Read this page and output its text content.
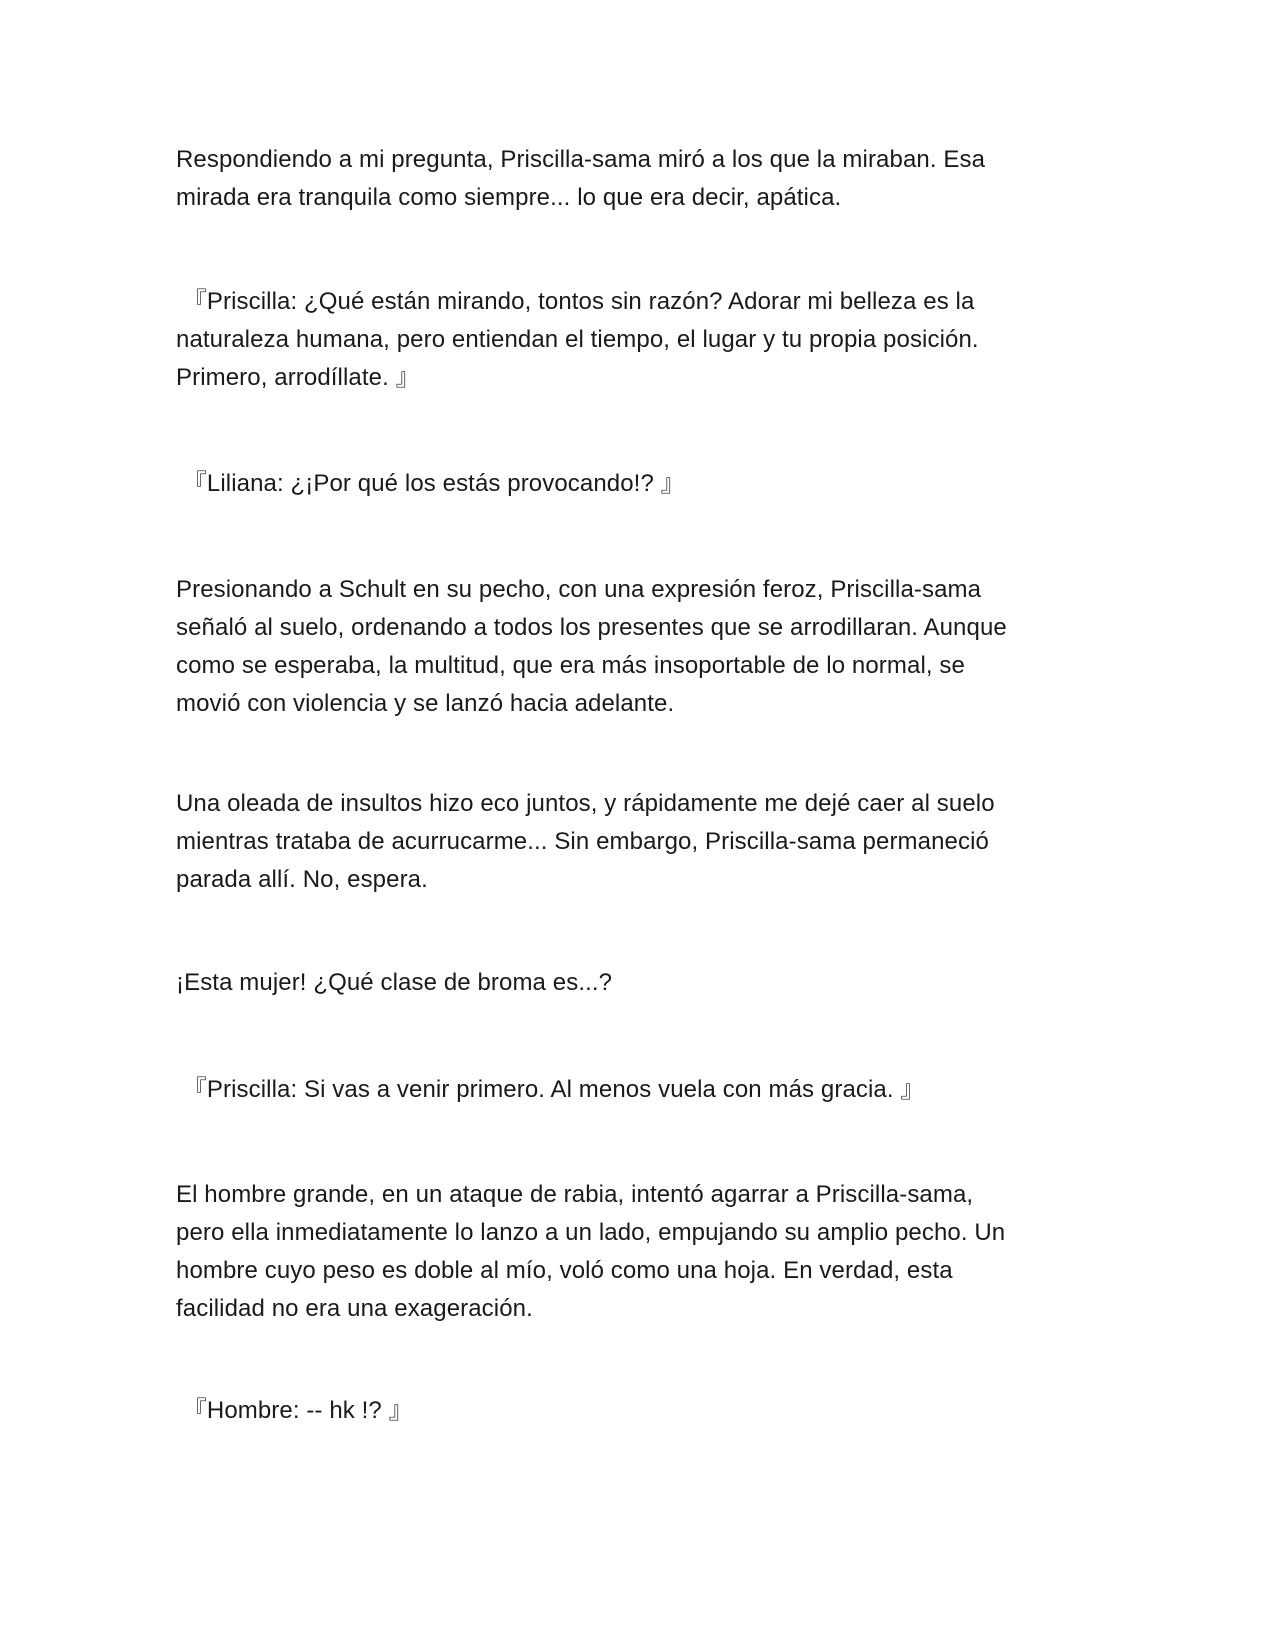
Respondiendo a mi pregunta, Priscilla-sama miró a los que la miraban. Esa
mirada era tranquila como siempre... lo que era decir, apática.

『Priscilla: ¿Qué están mirando, tontos sin razón? Adorar mi belleza es la
naturaleza humana, pero entiendan el tiempo, el lugar y tu propia posición.
Primero, arrodíllate. 』

『Liliana: ¿¡Por qué los estás provocando!? 』

Presionando a Schult en su pecho, con una expresión feroz, Priscilla-sama
señaló al suelo, ordenando a todos los presentes que se arrodillaran. Aunque
como se esperaba, la multitud, que era más insoportable de lo normal, se
movió con violencia y se lanzó hacia adelante.

Una oleada de insultos hizo eco juntos, y rápidamente me dejé caer al suelo
mientras trataba de acurrucarme... Sin embargo, Priscilla-sama permaneció
parada allí. No, espera.

¡Esta mujer! ¿Qué clase de broma es...?

『Priscilla: Si vas a venir primero. Al menos vuela con más gracia. 』

El hombre grande, en un ataque de rabia, intentó agarrar a Priscilla-sama,
pero ella inmediatamente lo lanzo a un lado, empujando su amplio pecho. Un
hombre cuyo peso es doble al mío, voló como una hoja. En verdad, esta
facilidad no era una exageración.

『Hombre: -- hk !? 』
